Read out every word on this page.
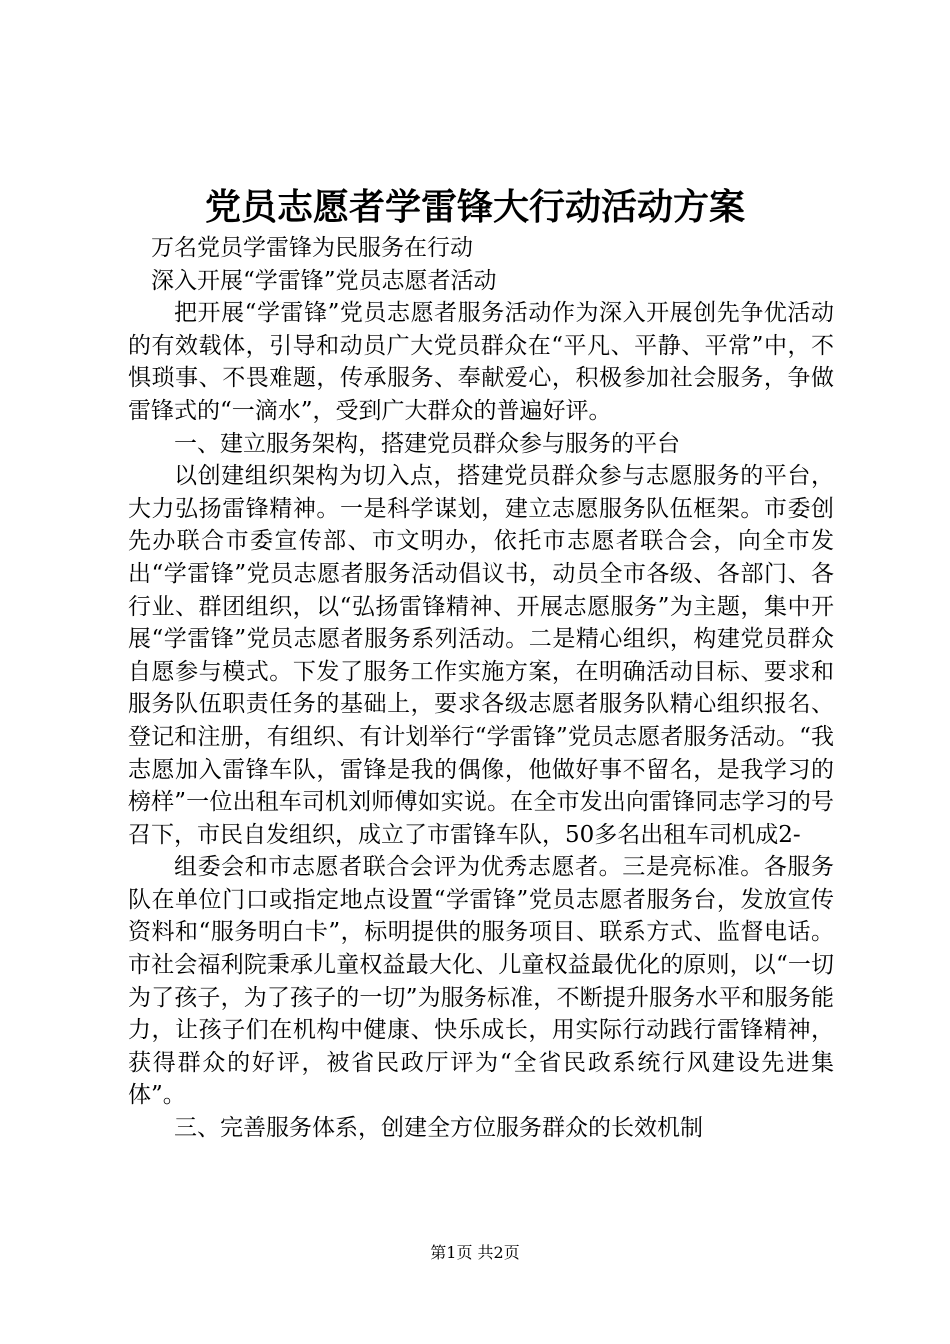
党员志愿者学雷锋大行动活动方案

万名党员学雷锋为民服务在行动

深入开展“学雷锋”党员志愿者活动

把开展“学雷锋”党员志愿者服务活动作为深入开展创先争优活动的有效载体，引导和动员广大党员群众在“平凡、平静、平常”中，不惧琐事、不畏难题，传承服务、奉献爱心，积极参加社会服务，争做雷锋式的“一滴水”，受到广大群众的普遍好评。

一、建立服务架构，搭建党员群众参与服务的平台

以创建组织架构为切入点，搭建党员群众参与志愿服务的平台，大力弘扬雷锋精神。一是科学谋划，建立志愿服务队伍框架。市委创先办联合市委宣传部、市文明办，依托市志愿者联合会，向全市发出“学雷锋”党员志愿者服务活动倡议书，动员全市各级、各部门、各行业、群团组织，以“弘扬雷锋精神、开展志愿服务”为主题，集中开展“学雷锋”党员志愿者服务系列活动。二是精心组织，构建党员群众自愿参与模式。下发了服务工作实施方案，在明确活动目标、要求和服务队伍职责任务的基础上，要求各级志愿者服务队精心组织报名、登记和注册，有组织、有计划举行“学雷锋”党员志愿者服务活动。“我志愿加入雷锋车队，雷锋是我的偶像，他做好事不留名，是我学习的榜样”一位出租车司机刘师傅如实说。在全市发出向雷锋同志学习的号召下，市民自发组织，成立了市雷锋车队，50多名出租车司机成2-

组委会和市志愿者联合会评为优秀志愿者。三是亮标准。各服务队在单位门口或指定地点设置“学雷锋”党员志愿者服务台，发放宣传资料和“服务明白卡”，标明提供的服务项目、联系方式、监督电话。市社会福利院秉承儿童权益最大化、儿童权益最优化的原则，以“一切为了孩子，为了孩子的一切”为服务标准，不断提升服务水平和服务能力，让孩子们在机构中健康、快乐成长，用实际行动践行雷锋精神，获得群众的好评，被省民政厅评为“全省民政系统行风建设先进集体”。

三、完善服务体系，创建全方位服务群众的长效机制

第1页 共2页
